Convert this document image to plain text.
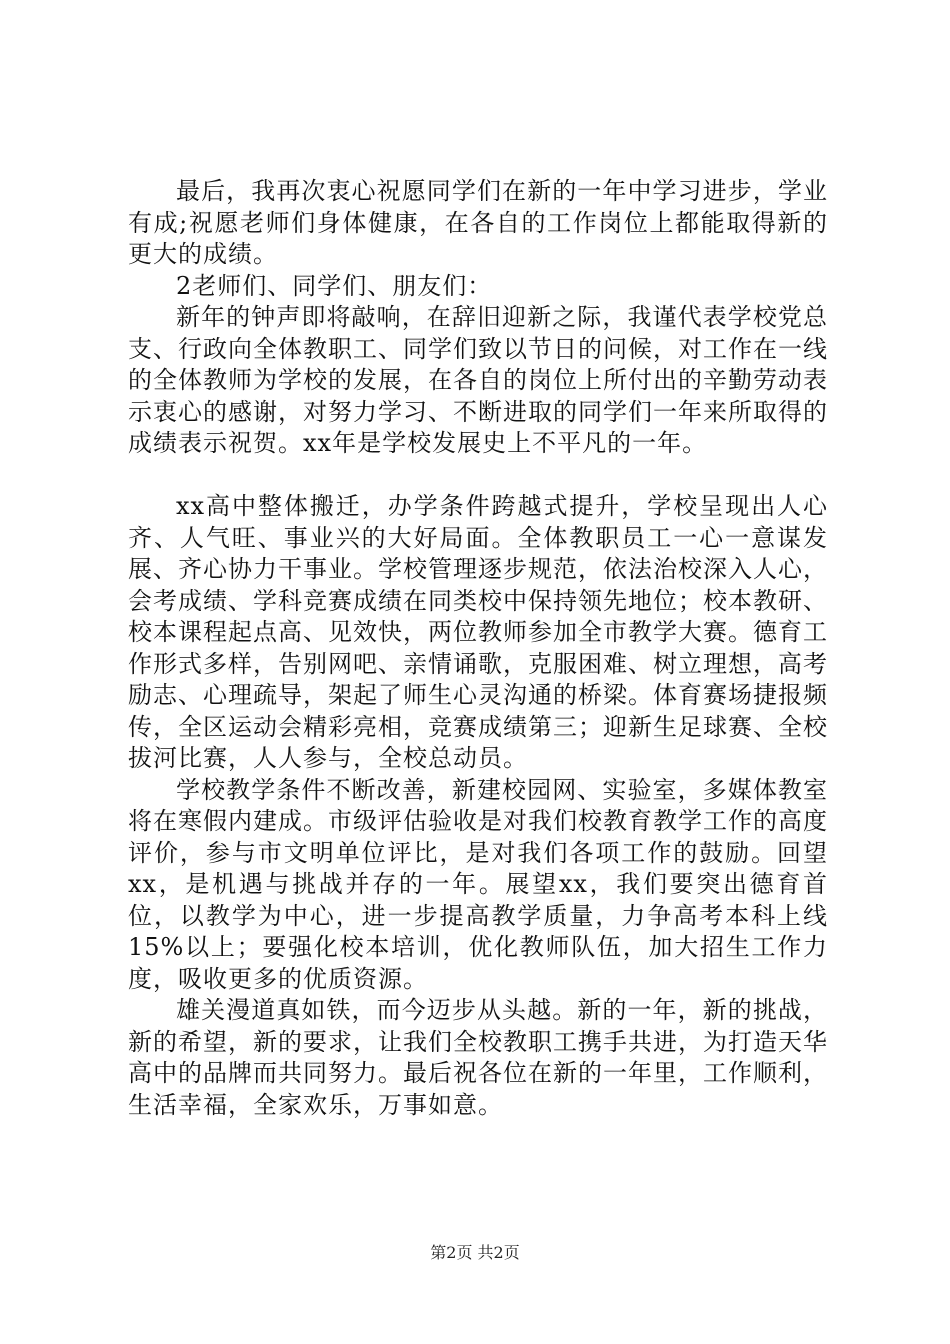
最后，我再次衷心祝愿同学们在新的一年中学习进步，学业有成;祝愿老师们身体健康，在各自的工作岗位上都能取得新的更大的成绩。

2老师们、同学们、朋友们：

新年的钟声即将敲响，在辞旧迎新之际，我谨代表学校党总支、行政向全体教职工、同学们致以节日的问候，对工作在一线的全体教师为学校的发展，在各自的岗位上所付出的辛勤劳动表示衷心的感谢，对努力学习、不断进取的同学们一年来所取得的成绩表示祝贺。xx年是学校发展史上不平凡的一年。

xx高中整体搬迁，办学条件跨越式提升，学校呈现出人心齐、人气旺、事业兴的大好局面。全体教职员工一心一意谋发展、齐心协力干事业。学校管理逐步规范，依法治校深入人心，会考成绩、学科竞赛成绩在同类校中保持领先地位；校本教研、校本课程起点高、见效快，两位教师参加全市教学大赛。德育工作形式多样，告别网吧、亲情诵歌，克服困难、树立理想，高考励志、心理疏导，架起了师生心灵沟通的桥梁。体育赛场捷报频传，全区运动会精彩亮相，竞赛成绩第三；迎新生足球赛、全校拔河比赛，人人参与，全校总动员。

学校教学条件不断改善，新建校园网、实验室，多媒体教室将在寒假内建成。市级评估验收是对我们校教育教学工作的高度评价，参与市文明单位评比，是对我们各项工作的鼓励。回望xx，是机遇与挑战并存的一年。展望xx，我们要突出德育首位，以教学为中心，进一步提高教学质量，力争高考本科上线15%以上；要强化校本培训，优化教师队伍，加大招生工作力度，吸收更多的优质资源。

雄关漫道真如铁，而今迈步从头越。新的一年，新的挑战，新的希望，新的要求，让我们全校教职工携手共进，为打造天华高中的品牌而共同努力。最后祝各位在新的一年里，工作顺利，生活幸福，全家欢乐，万事如意。

第2页 共2页
